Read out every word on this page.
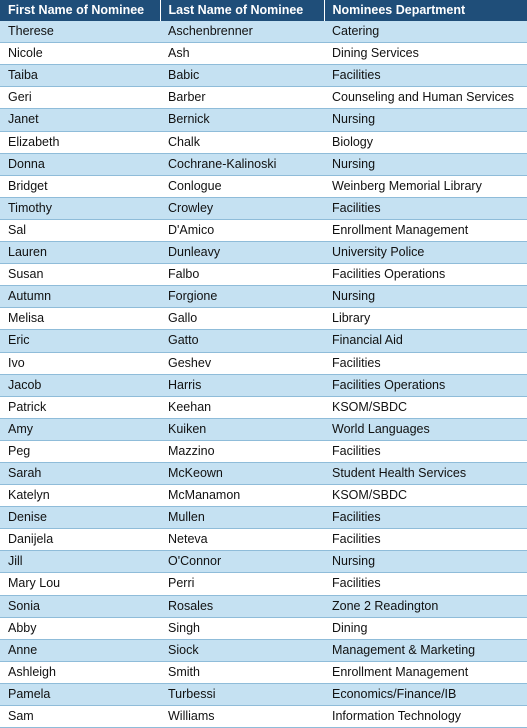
First Name of Nominee	Last Name of Nominee	Nominees Department
Therese	Aschenbrenner	Catering
Nicole	Ash	Dining Services
Taiba	Babic	Facilities
Geri	Barber	Counseling and Human Services
Janet	Bernick	Nursing
Elizabeth	Chalk	Biology
Donna	Cochrane-Kalinoski	Nursing
Bridget	Conlogue	Weinberg Memorial Library
Timothy	Crowley	Facilities
Sal	D'Amico	Enrollment Management
Lauren	Dunleavy	University Police
Susan	Falbo	Facilities Operations
Autumn	Forgione	Nursing
Melisa	Gallo	Library
Eric	Gatto	Financial Aid
Ivo	Geshev	Facilities
Jacob	Harris	Facilities Operations
Patrick	Keehan	KSOM/SBDC
Amy	Kuiken	World Languages
Peg	Mazzino	Facilities
Sarah	McKeown	Student Health Services
Katelyn	McManamon	KSOM/SBDC
Denise	Mullen	Facilities
Danijela	Neteva	Facilities
Jill	O'Connor	Nursing
Mary Lou	Perri	Facilities
Sonia	Rosales	Zone 2 Readington
Abby	Singh	Dining
Anne	Siock	Management & Marketing
Ashleigh	Smith	Enrollment Management
Pamela	Turbessi	Economics/Finance/IB
Sam	Williams	Information Technology
